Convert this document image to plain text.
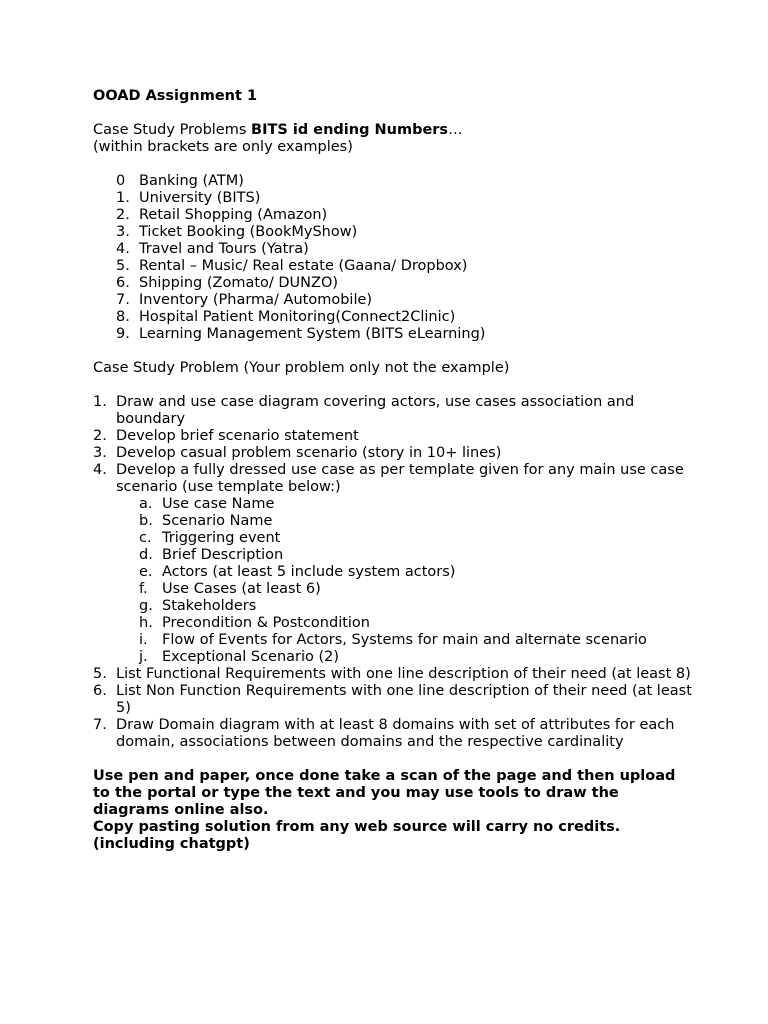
OOAD Assignment 1

Case Study Problems BITS id ending Numbers…

(within brackets are only examples)

0 Banking (ATM)
1. University (BITS)
2. Retail Shopping (Amazon)
3. Ticket Booking (BookMyShow)
4. Travel and Tours (Yatra)
5. Rental – Music/ Real estate (Gaana/ Dropbox)
6. Shipping (Zomato/ DUNZO)
7. Inventory (Pharma/ Automobile)
8. Hospital Patient Monitoring(Connect2Clinic)
9. Learning Management System (BITS eLearning)

Case Study Problem (Your problem only not the example)

1. Draw and use case diagram covering actors, use cases association and boundary
2. Develop brief scenario statement
3. Develop casual problem scenario (story in 10+ lines)
4. Develop a fully dressed use case as per template given for any main use case scenario (use template below:)
a. Use case Name
b. Scenario Name
c. Triggering event
d. Brief Description
e. Actors (at least 5 include system actors)
f. Use Cases (at least 6)
g. Stakeholders
h. Precondition & Postcondition
i. Flow of Events for Actors, Systems for main and alternate scenario
j. Exceptional Scenario (2)
5. List Functional Requirements with one line description of their need (at least 8)
6. List Non Function Requirements with one line description of their need (at least 5)
7. Draw Domain diagram with at least 8 domains with set of attributes for each domain, associations between domains and the respective cardinality

Use pen and paper, once done take a scan of the page and then upload to the portal or type the text and you may use tools to draw the diagrams online also.

Copy pasting solution from any web source will carry no credits. (including chatgpt)
